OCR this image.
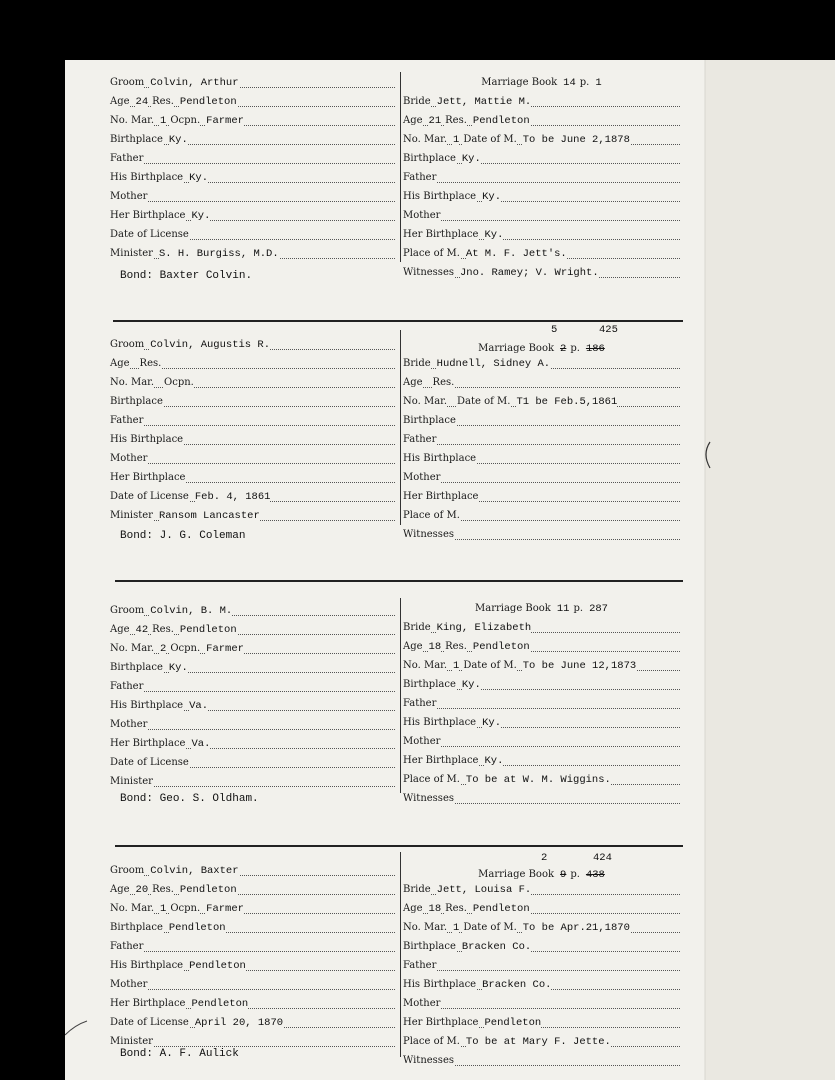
Groom Colvin, Arthur
Age 24 Res. Pendleton
No. Mar. 1 Ocpn. Farmer
Birthplace Ky.
Father
His Birthplace Ky.
Mother
Her Birthplace Ky.
Date of License
Minister S. H. Burgiss, M.D.
Marriage Book 14 p. 1
Bride Jett, Mattie M.
Age 21 Res. Pendleton
No. Mar. 1 Date of M. To be June 2,1878
Birthplace Ky.
Father
His Birthplace Ky.
Mother
Her Birthplace Ky.
Place of M. At M. F. Jett's.
Witnesses Jno. Ramey; V. Wright.
Bond: Baxter Colvin.
Groom Colvin, Augustis R.
Age Res.
No. Mar. Ocpn.
Birthplace
Father
His Birthplace
Mother
Her Birthplace
Date of License Feb. 4, 1861
Minister Ransom Lancaster
5	425
Marriage Book 2 p. 186
Bride Hudnell, Sidney A.
Age Res.
No. Mar. Date of M. T1 be Feb.5,1861
Birthplace
Father
His Birthplace
Mother
Her Birthplace
Place of M.
Witnesses
Bond: J. G. Coleman
Groom Colvin, B. M.
Age 42 Res. Pendleton
No. Mar. 2 Ocpn. Farmer
Birthplace Ky.
Father
His Birthplace Va.
Mother
Her Birthplace Va.
Date of License
Minister
Marriage Book 11 p. 287
Bride King, Elizabeth
Age 18 Res. Pendleton
No. Mar. 1 Date of M. To be June 12,1873
Birthplace Ky.
Father
His Birthplace Ky.
Mother
Her Birthplace Ky.
Place of M. To be at W. M. Wiggins.
Witnesses
Bond: Geo. S. Oldham.
Groom Colvin, Baxter
Age 20 Res. Pendleton
No. Mar. 1 Ocpn. Farmer
Birthplace Pendleton
Father
His Birthplace Pendleton
Mother
Her Birthplace Pendleton
Date of License April 20, 1870
Minister
2	424
Marriage Book 9 p. 438
Bride Jett, Louisa F.
Age 18 Res. Pendleton
No. Mar. 1 Date of M. To be Apr.21,1870
Birthplace Bracken Co.
Father
His Birthplace Bracken Co.
Mother
Her Birthplace Pendleton
Place of M. To be at Mary F. Jette.
Witnesses
Bond: A. F. Aulick
